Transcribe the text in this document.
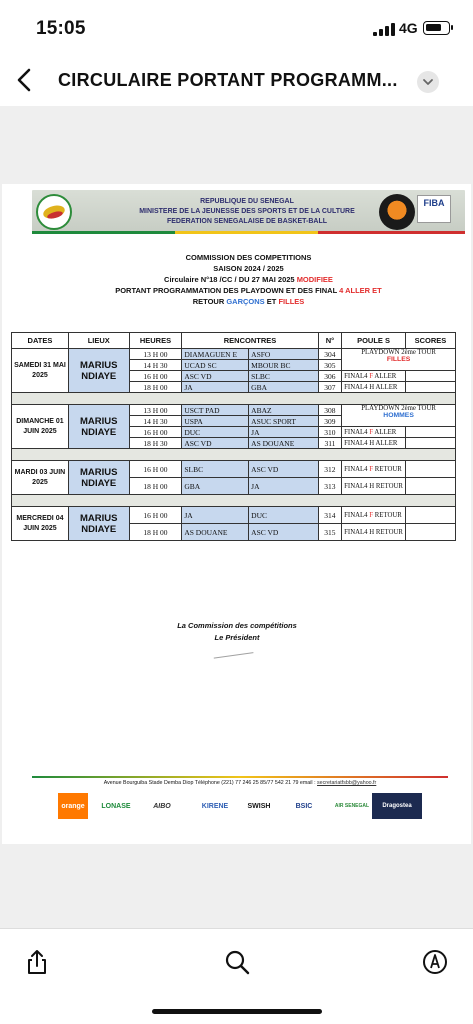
15:05	4G
CIRCULAIRE PORTANT PROGRAMM...
REPUBLIQUE DU SENEGAL
MINISTERE DE LA JEUNESSE DES SPORTS ET DE LA CULTURE
FEDERATION SENEGALAISE DE BASKET-BALL
FIBA
COMMISSION DES COMPETITIONS
SAISON 2024 / 2025
Circulaire N°18 /CC / DU 27 MAI 2025 MODIFIEE
PORTANT PROGRAMMATION DES PLAYDOWN ET DES FINAL 4 ALLER ET
RETOUR GARÇONS ET FILLES
DATES	LIEUX	HEURES	RENCONTRES		N°	POULE S	SCORES
SAMEDI 31 MAI 2025	MARIUS NDIAYE	13 H 00	DIAMAGUEN E	ASFO	304	PLAYDOWN 2ème TOUR
FILLES	

		14 H 30	UCAD SC	MBOUR BC	305		
		16 H 00	ASC VD	SLBC	306	FINAL4 F ALLER	
		18 H 00	JA	GBA	307	FINAL4 H ALLER	

DIMANCHE 01 JUIN 2025	MARIUS NDIAYE	13 H 00	USCT PAD	ABAZ	308	PLAYDOWN 2ème TOUR
HOMMES	

		14 H 30	USPA	ASUC SPORT	309		
		16 H 00	DUC	JA	310	FINAL4 F ALLER	
		18 H 30	ASC VD	AS DOUANE	311	FINAL4 H ALLER	

MARDI 03 JUIN 2025	MARIUS NDIAYE	16 H 00	SLBC	ASC VD	312	FINAL4 F RETOUR	
		18 H 00	GBA	JA	313	FINAL4 H RETOUR	

MERCREDI 04 JUIN 2025	MARIUS NDIAYE	16 H 00	JA	DUC	314	FINAL4 F RETOUR	
		18 H 00	AS DOUANE	ASC VD	315	FINAL4 H RETOUR	
La Commission des compétitions
Le Président
Avenue Bourguiba Stade Demba Diop Téléphone (221) 77 246 25 85/77 542 21 79 email : secretariatfsbb@yahoo.fr
orange LONASE	AIBO	KIRENE	SWISH	BSIC	AIR SENEGAL Dragostea
